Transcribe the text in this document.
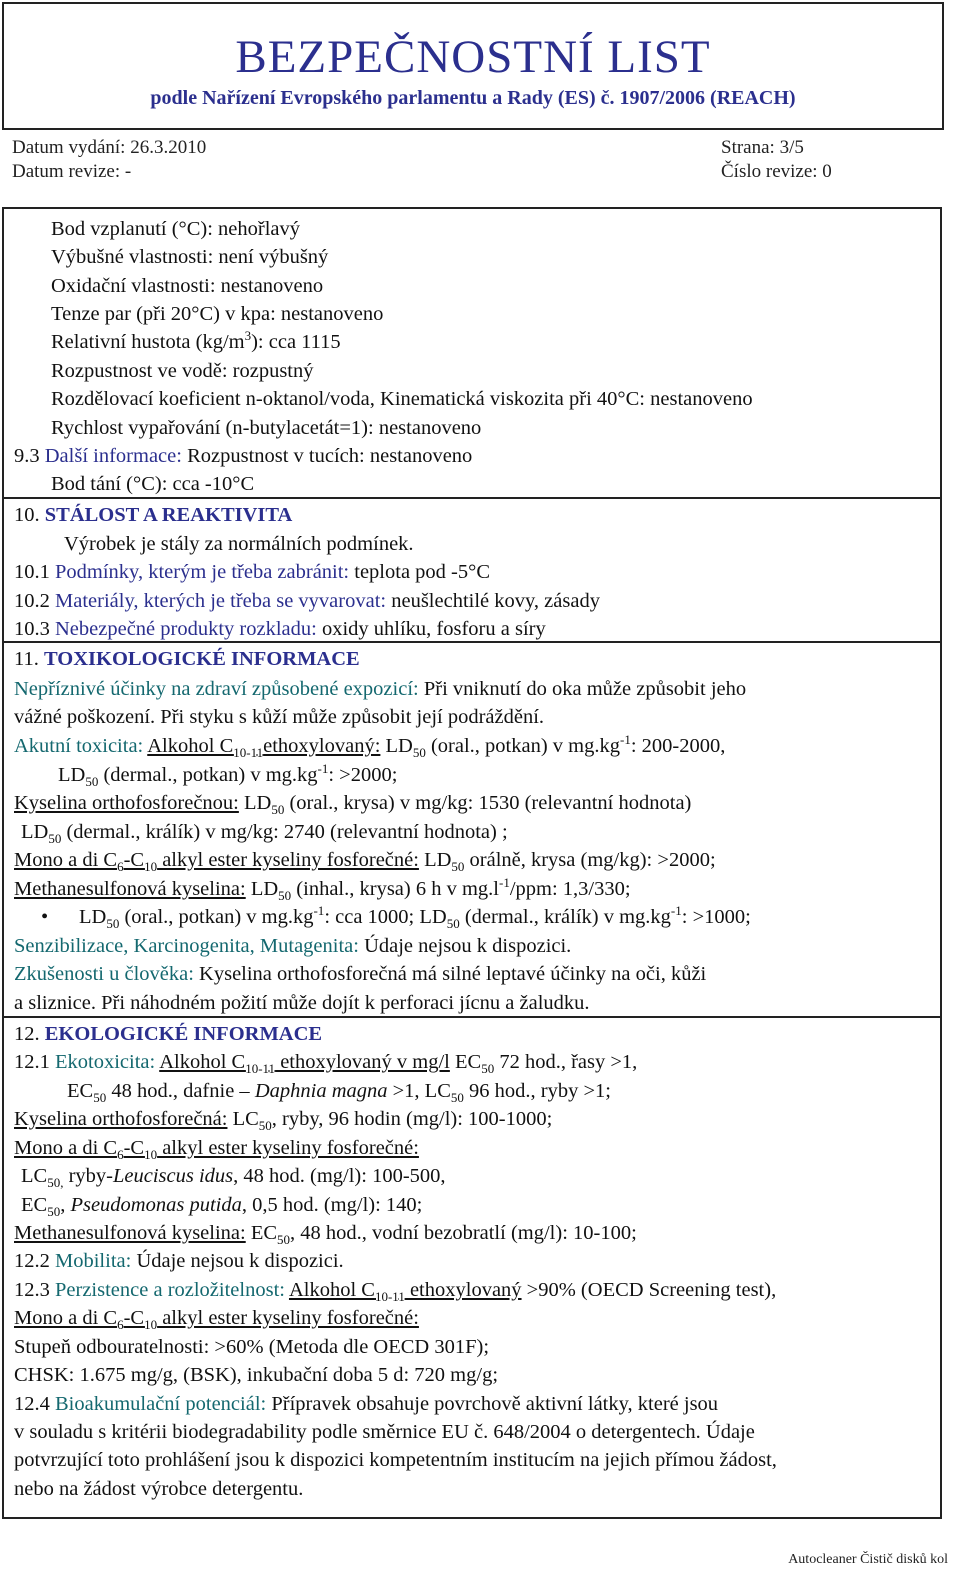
BEZPEČNOSTNÍ LIST
podle Nařízení Evropského parlamentu a Rady (ES) č. 1907/2006 (REACH)
Datum vydání: 26.3.2010
Datum revize: -
Strana: 3/5
Číslo revize: 0
Bod vzplanutí (°C): nehořlavý
Výbušné vlastnosti: není výbušný
Oxidační vlastnosti: nestanoveno
Tenze par (při 20°C) v kpa: nestanoveno
Relativní hustota $(kg/m^3)$: cca 1115
Rozpustnost ve vodě: rozpustný
Rozdělovací koeficient n-oktanol/voda, Kinematická viskozita při 40°C: nestanoveno
Rychlost vypařování (n-butylacetát=1): nestanoveno
9.3 Další informace: Rozpustnost v tucích: nestanoveno
Bod tání (°C): cca -10°C
10. STÁLOST A REAKTIVITA
Výrobek je stály za normálních podmínek.
10.1 Podmínky, kterým je třeba zabránit: teplota pod -5°C
10.2 Materiály, kterých je třeba se vyvarovat: neušlechtilé kovy, zásady
10.3 Nebezpečné produkty rozkladu: oxidy uhlíku, fosforu a síry
11. TOXIKOLOGICKÉ INFORMACE
Nepříznivé účinky na zdraví způsobené expozicí: Při vniknutí do oka může způsobit jeho
vážné poškození. Při styku s kůží může způsobit její podráždění.
Akutní toxicita: Alkohol $C_{10-11}ethoxylovaný$: $LD_{50}$ (oral., potkan) v $mg.kg^{-1}$: 200-2000,
$LD_{50}$ (dermal., potkan) v $mg.kg^{-1}$: >2000;
Kyselina orthofosforečnou: $LD_{50}$ (oral., krysa) v mg/kg: 1530 (relevantní hodnota)
$LD_{50}$ (dermal., králík) v mg/kg: 2740 (relevantní hodnota) ;
Mono a di $C_6-C_{10}$ alkyl ester kyseliny fosforečné: $LD_{50}$ orálně, krysa (mg/kg): >2000;
Methanesulfonová kyselina: $LD_{50}$ (inhal., krysa) 6 h v $mg.l^{-1}$/ppm: 1,3/330;
• $LD_{50}$ (oral., potkan) v $mg.kg^{-1}$: cca 1000; $LD_{50}$ (dermal., králík) v $mg.kg^{-1}$: >1000;
Senzibilizace, Karcinogenita, Mutagenita: Údaje nejsou k dispozici.
Zkušenosti u člověka: Kyselina orthofosforečná má silné leptavé účinky na oči, kůži
a sliznice. Při náhodném požití může dojít k perforaci jícnu a žaludku.
12. EKOLOGICKÉ INFORMACE
12.1 Ekotoxicita: Alkohol $C_{10-11}$ ethoxylovaný v mg/l $EC_{50}$ 72 hod., řasy >1,
$EC_{50}$ 48 hod., dafnie – Daphnia magna >1, $LC_{50}$ 96 hod., ryby >1;
Kyselina orthofosforečná: $LC_{50}$, ryby, 96 hodin (mg/l): 100-1000;
Mono a di $C_6-C_{10}$ alkyl ester kyseliny fosforečné:
$LC_{50,}$ ryby-Leuciscus idus, 48 hod. (mg/l): 100-500,
$EC_{50}$, Pseudomonas putida, 0,5 hod. (mg/l): 140;
Methanesulfonová kyselina: $EC_{50}$, 48 hod., vodní bezobratlí (mg/l): 10-100;
12.2 Mobilita: Údaje nejsou k dispozici.
12.3 Perzistence a rozložitelnost: Alkohol $C_{10-11}$ ethoxylovaný >90% (OECD Screening test),
Mono a di $C_6-C_{10}$ alkyl ester kyseliny fosforečné:
Stupeň odbouratelnosti: >60% (Metoda dle OECD 301F);
CHSK: 1.675 mg/g, (BSK), inkubační doba 5 d: 720 mg/g;
12.4 Bioakumulační potenciál: Přípravek obsahuje povrchově aktivní látky, které jsou
v souladu s kritérii biodegradability podle směrnice EU č. 648/2004 o detergentech. Údaje
potvrzující toto prohlášení jsou k dispozici kompetentním institucím na jejich přímou žádost,
nebo na žádost výrobce detergentu.
Autocleaner Čistič disků kol
